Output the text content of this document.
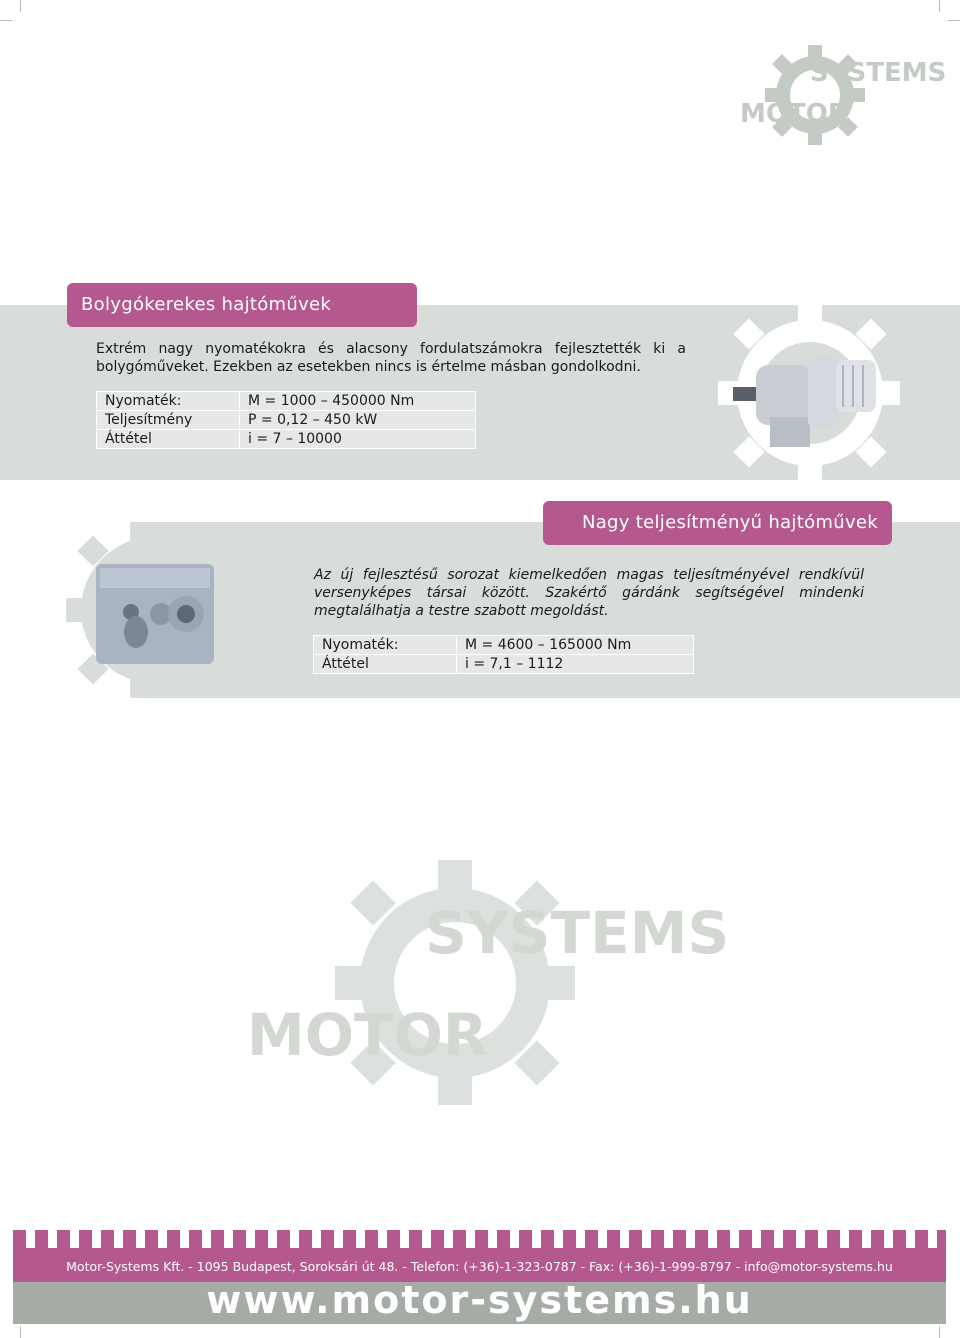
SYSTEMS
MOTOR
Bolygókerekes hajtóművek
Extrém nagy nyomatékokra és alacsony fordulatszámokra fejlesztették ki a bolygóműveket. Ezekben az esetekben nincs is értelme másban gondolkodni.
Nyomaték:	M = 1000 – 450000 Nm
Teljesítmény	P = 0,12 – 450 kW
Áttétel	i = 7 – 10000
Nagy teljesítményű hajtóművek
Az új fejlesztésű sorozat kiemelkedően magas teljesítményével rendkívül versenyképes társai között. Szakértő gárdánk segítségével mindenki megtalálhatja a testre szabott megoldást.
Nyomaték:	M = 4600 – 165000 Nm
Áttétel	i = 7,1 – 1112
SYSTEMS
MOTOR
Motor-Systems Kft. - 1095 Budapest, Soroksári út 48. - Telefon: (+36)-1-323-0787 - Fax: (+36)-1-999-8797 - info@motor-systems.hu
www.motor-systems.hu
